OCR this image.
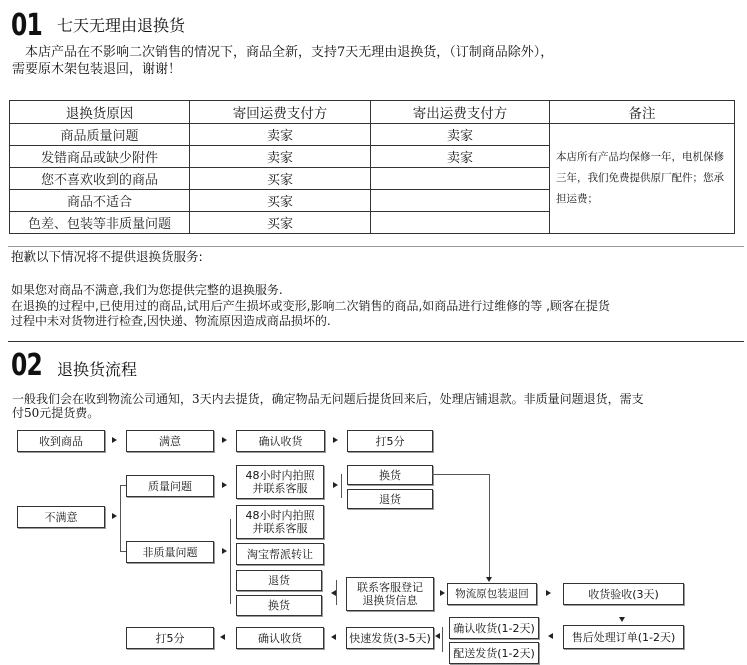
01 七天无理由退换货
　本店产品在不影响二次销售的情况下，商品全新，支持7天无理由退换货，（订制商品除外），
需要原木架包装退回，谢谢！
退换货原因	寄回运费支付方	寄出运费支付方	备注
商品质量问题	卖家	卖家	本店所有产品均保修一年，电机保修三年，我们免费提供原厂配件；您承担运费；
发错商品或缺少附件	卖家	卖家	
您不喜欢收到的商品	买家		
商品不适合	买家		
色差、包装等非质量问题	买家		
抱歉以下情况将不提供退换货服务:
如果您对商品不满意,我们为您提供完整的退换服务.
在退换的过程中,已使用过的商品,试用后产生损坏或变形,影响二次销售的商品,如商品进行过维修的等 ,顾客在提货
过程中未对货物进行检查,因快递、物流原因造成商品损坏的.
02 退换货流程
一般我们会在收到物流公司通知，3天内去提货，确定物品无问题后提货回来后，处理店铺退款。非质量问题退货，需支
付50元提货费。
收到商品	满意	确认收货	打5分
不满意
质量问题
48小时内拍照
并联系客服
换货
退货
非质量问题
48小时内拍照
并联系客服
淘宝帮派转让
退货
换货
联系客服登记
退换货信息
物流原包装退回	收货验收(3天)
售后处理订单(1-2天)
确认收货(1-2天)
配送发货(1-2天)
快速发货(3-5天)
确认收货
打5分
